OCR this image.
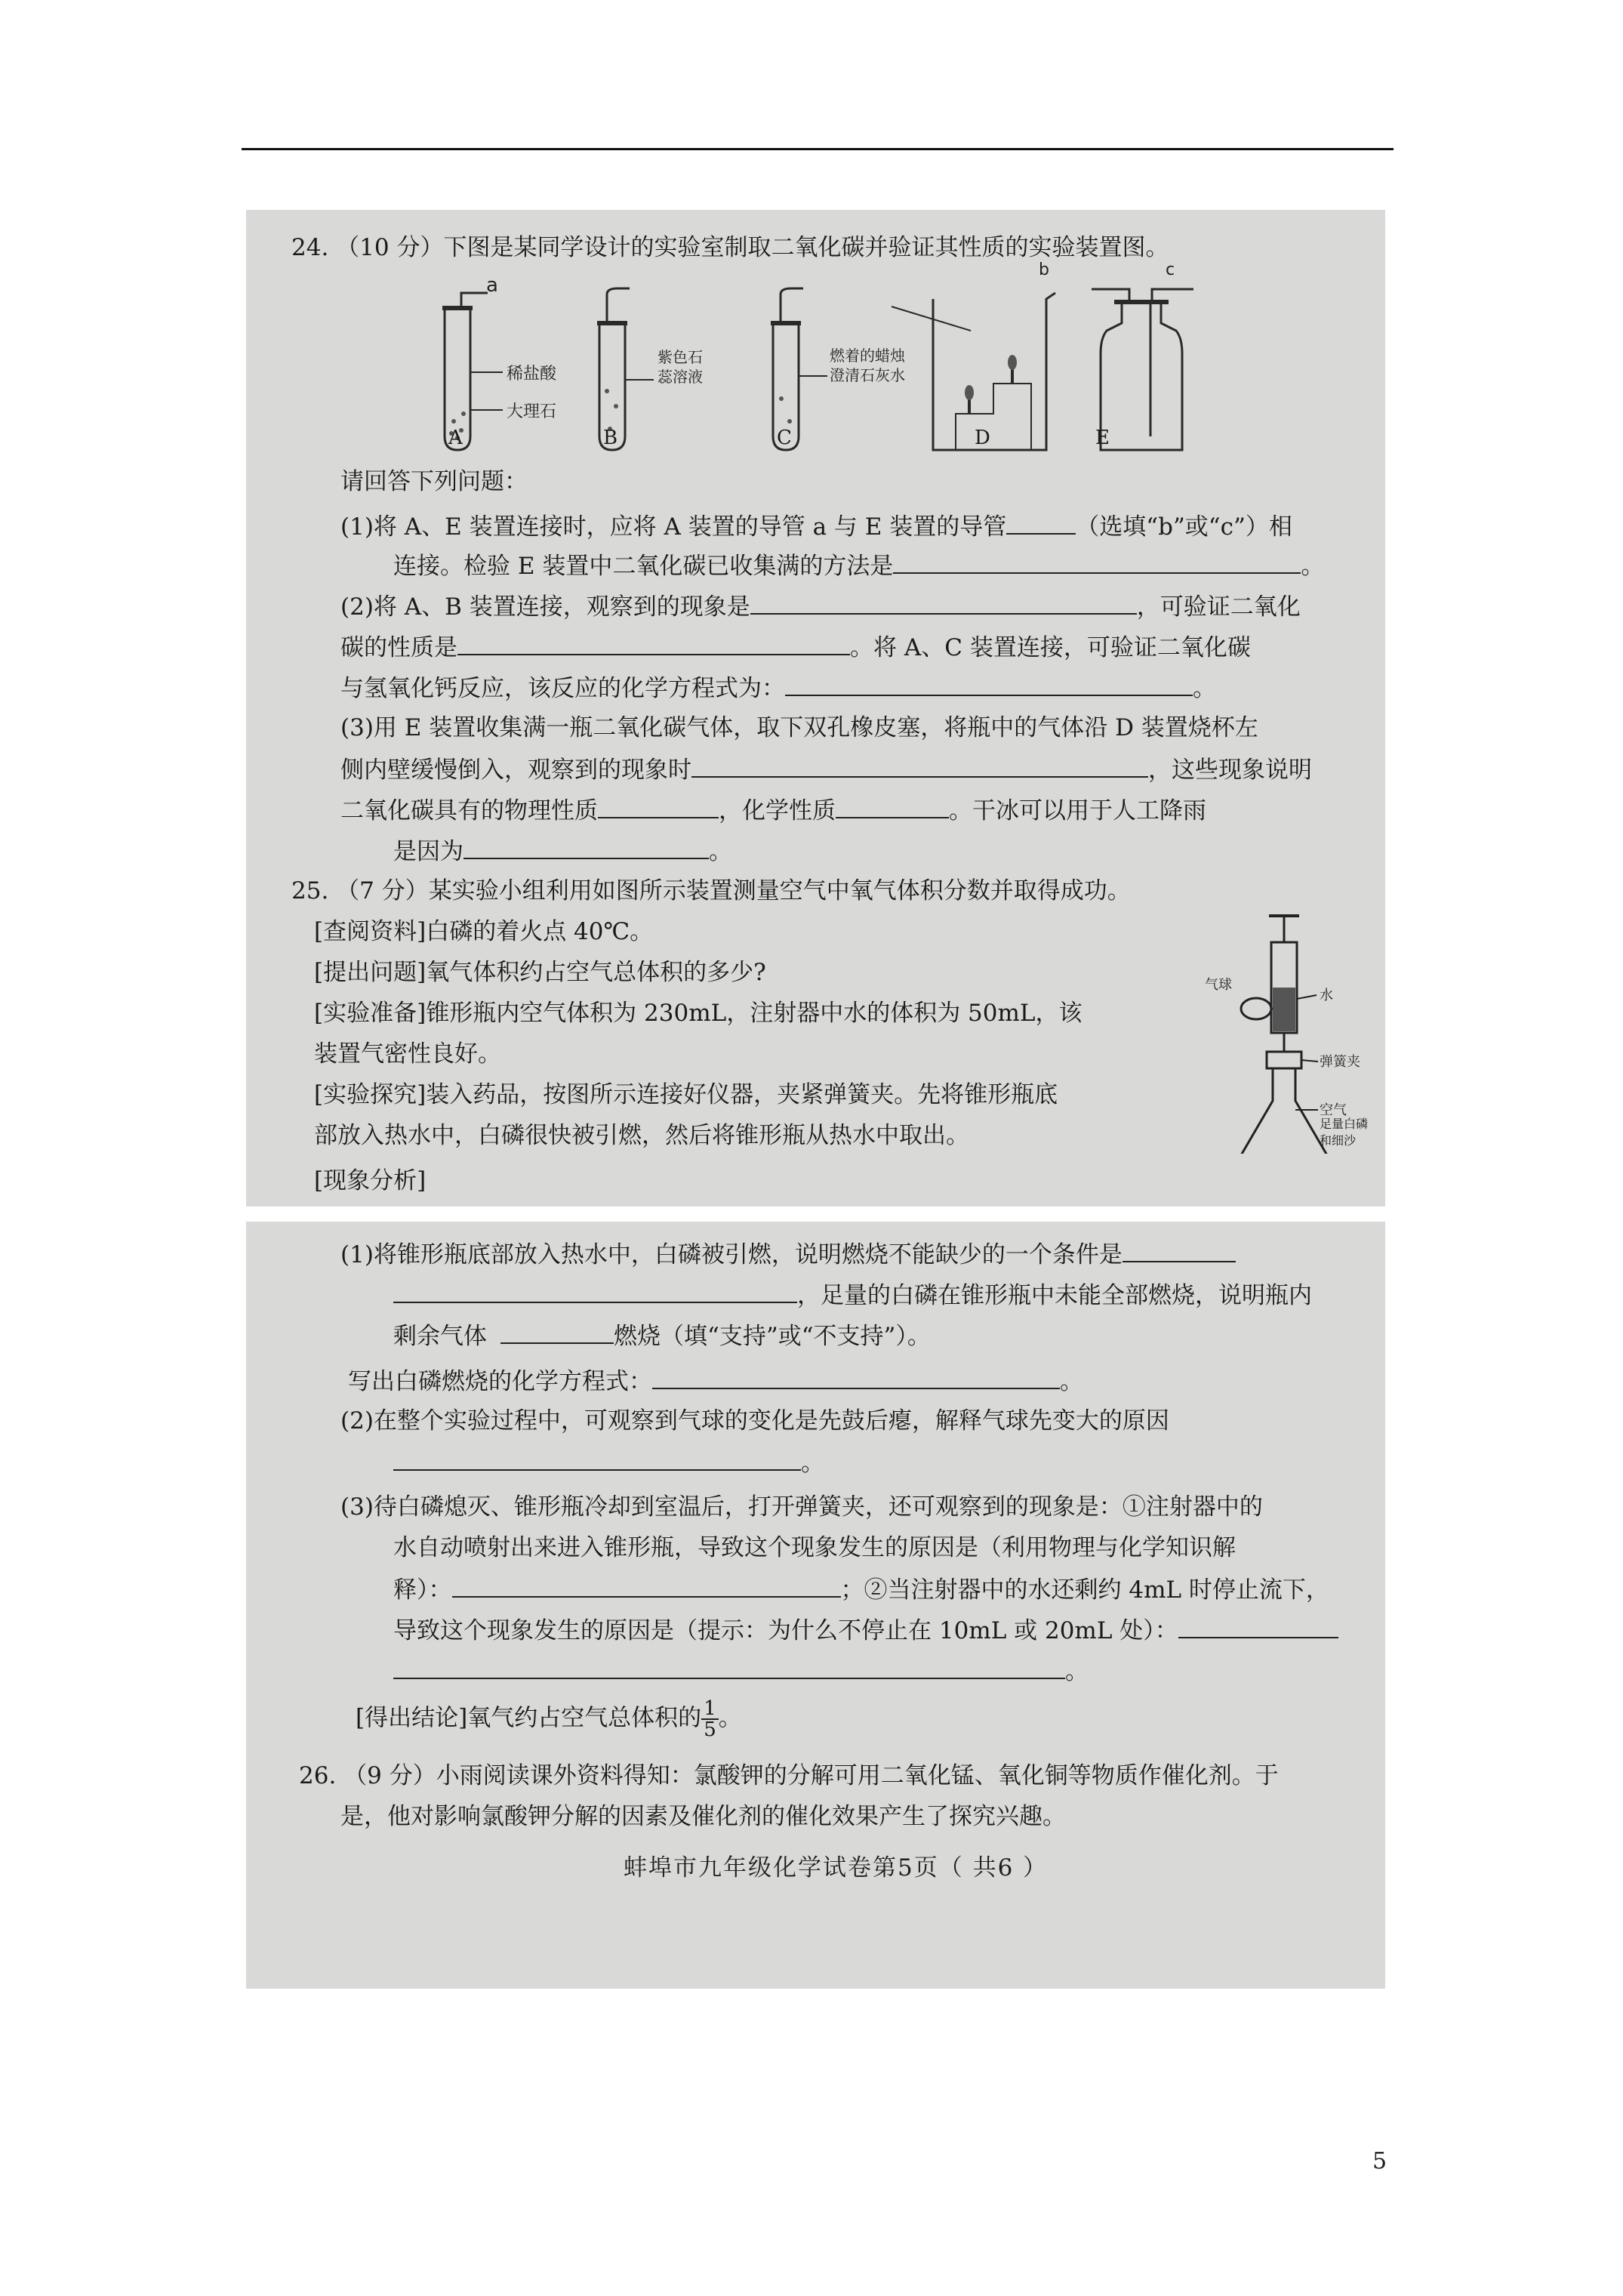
24. （10 分）下图是某同学设计的实验室制取二氧化碳并验证其性质的实验装置图。
a
b	c
稀盐酸
大理石
紫色石
蕊溶液
燃着的蜡烛
澄清石灰水
A	B	C	D	E
请回答下列问题：
(1)将 A、E 装置连接时，应将 A 装置的导管 a 与 E 装置的导管	（选填“b”或“c”）相
连接。检验 E 装置中二氧化碳已收集满的方法是	。
(2)将 A、B 装置连接，观察到的现象是	，可验证二氧化
碳的性质是	。将 A、C 装置连接，可验证二氧化碳
与氢氧化钙反应，该反应的化学方程式为：	。
(3)用 E 装置收集满一瓶二氧化碳气体，取下双孔橡皮塞，将瓶中的气体沿 D 装置烧杯左
侧内壁缓慢倒入，观察到的现象时	，这些现象说明
二氧化碳具有的物理性质	，化学性质	。干冰可以用于人工降雨
是因为	。
25. （7 分）某实验小组利用如图所示装置测量空气中氧气体积分数并取得成功。
[查阅资料]白磷的着火点 40℃。
[提出问题]氧气体积约占空气总体积的多少?
[实验准备]锥形瓶内空气体积为 230mL，注射器中水的体积为 50mL，该
装置气密性良好。
[实验探究]装入药品，按图所示连接好仪器，夹紧弹簧夹。先将锥形瓶底
部放入热水中，白磷很快被引燃，然后将锥形瓶从热水中取出。
[现象分析]
气球
水
弹簧夹
空气
足量白磷
和细沙
(1)将锥形瓶底部放入热水中，白磷被引燃，说明燃烧不能缺少的一个条件是
，足量的白磷在锥形瓶中未能全部燃烧，说明瓶内
剩余气体	燃烧（填“支持”或“不支持”）。
写出白磷燃烧的化学方程式：	。
(2)在整个实验过程中，可观察到气球的变化是先鼓后瘪，解释气球先变大的原因
。
(3)待白磷熄灭、锥形瓶冷却到室温后，打开弹簧夹，还可观察到的现象是：①注射器中的
水自动喷射出来进入锥形瓶，导致这个现象发生的原因是（利用物理与化学知识解
释）：	；②当注射器中的水还剩约 4mL 时停止流下，
导致这个现象发生的原因是（提示：为什么不停止在 10mL 或 20mL 处）：
。
[得出结论]氧气约占空气总体积的 $\frac{1}{5}$ 。
26. （9 分）小雨阅读课外资料得知：氯酸钾的分解可用二氧化锰、氧化铜等物质作催化剂。于
是，他对影响氯酸钾分解的因素及催化剂的催化效果产生了探究兴趣。
蚌埠市九年级化学试卷第5页（ 共6 ）
5
